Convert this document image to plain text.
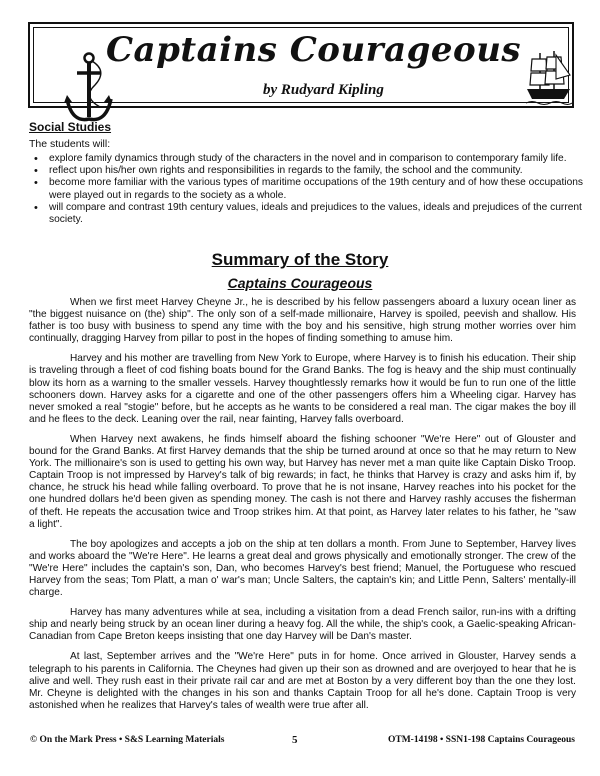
Captains Courageous
by Rudyard Kipling
Social Studies
The students will:
• explore family dynamics through study of the characters in the novel and in comparison to contemporary family life.
• reflect upon his/her own rights and responsibilities in regards to the family, the school and the community.
• become more familiar with the various types of maritime occupations of the 19th century and of how these occupations were played out in regards to the society as a whole.
• will compare and contrast 19th century values, ideals and prejudices to the values, ideals and prejudices of the current society.
Summary of the Story
Captains Courageous

When we first meet Harvey Cheyne Jr., he is described by his fellow passengers aboard a luxury ocean liner as "the biggest nuisance on (the) ship". The only son of a self-made millionaire, Harvey is spoiled, peevish and shallow. His father is too busy with business to spend any time with the boy and his sensitive, high strung mother worries over him continually, dragging Harvey from pillar to post in the hopes of finding something to amuse him.

Harvey and his mother are travelling from New York to Europe, where Harvey is to finish his education. Their ship is traveling through a fleet of cod fishing boats bound for the Grand Banks. The fog is heavy and the ship must continually blow its horn as a warning to the smaller vessels. Harvey thoughtlessly remarks how it would be fun to run one of the little schooners down. Harvey asks for a cigarette and one of the other passengers offers him a Wheeling cigar. Harvey has never smoked a real "stogie" before, but he accepts as he wants to be considered a real man. The cigar makes the boy ill and he flees to the deck. Leaning over the rail, near fainting, Harvey falls overboard.

When Harvey next awakens, he finds himself aboard the fishing schooner "We're Here" out of Glouster and bound for the Grand Banks. At first Harvey demands that the ship be turned around at once so that he may return to New York. The millionaire's son is used to getting his own way, but Harvey has never met a man quite like Captain Disko Troop. Captain Troop is not impressed by Harvey's talk of big rewards; in fact, he thinks that Harvey is crazy and asks him if, by chance, he struck his head while falling overboard. To prove that he is not insane, Harvey reaches into his pocket for the one hundred dollars he'd been given as spending money. The cash is not there and Harvey rashly accuses the fisherman of theft. He repeats the accusation twice and Troop strikes him. At that point, as Harvey later relates to his father, he "saw a light".

The boy apologizes and accepts a job on the ship at ten dollars a month. From June to September, Harvey lives and works aboard the "We're Here". He learns a great deal and grows physically and emotionally stronger. The crew of the "We're Here" includes the captain's son, Dan, who becomes Harvey's best friend; Manuel, the Portuguese who rescued Harvey from the seas; Tom Platt, a man o' war's man; Uncle Salters, the captain's kin; and Little Penn, Salters' mentally-ill charge.

Harvey has many adventures while at sea, including a visitation from a dead French sailor, run-ins with a drifting ship and nearly being struck by an ocean liner during a heavy fog. All the while, the ship's cook, a Gaelic-speaking African-Canadian from Cape Breton keeps insisting that one day Harvey will be Dan's master.

At last, September arrives and the "We're Here" puts in for home. Once arrived in Glouster, Harvey sends a telegraph to his parents in California. The Cheynes had given up their son as drowned and are overjoyed to hear that he is alive and well. They rush east in their private rail car and are met at Boston by a very different boy than the one they lost. Mr. Cheyne is delighted with the changes in his son and thanks Captain Troop for all he's done. Captain Troop is very astonished when he realizes that Harvey's tales of wealth were true after all.

© On the Mark Press • S&S Learning Materials	5	OTM-14198 • SSN1-198 Captains Courageous
